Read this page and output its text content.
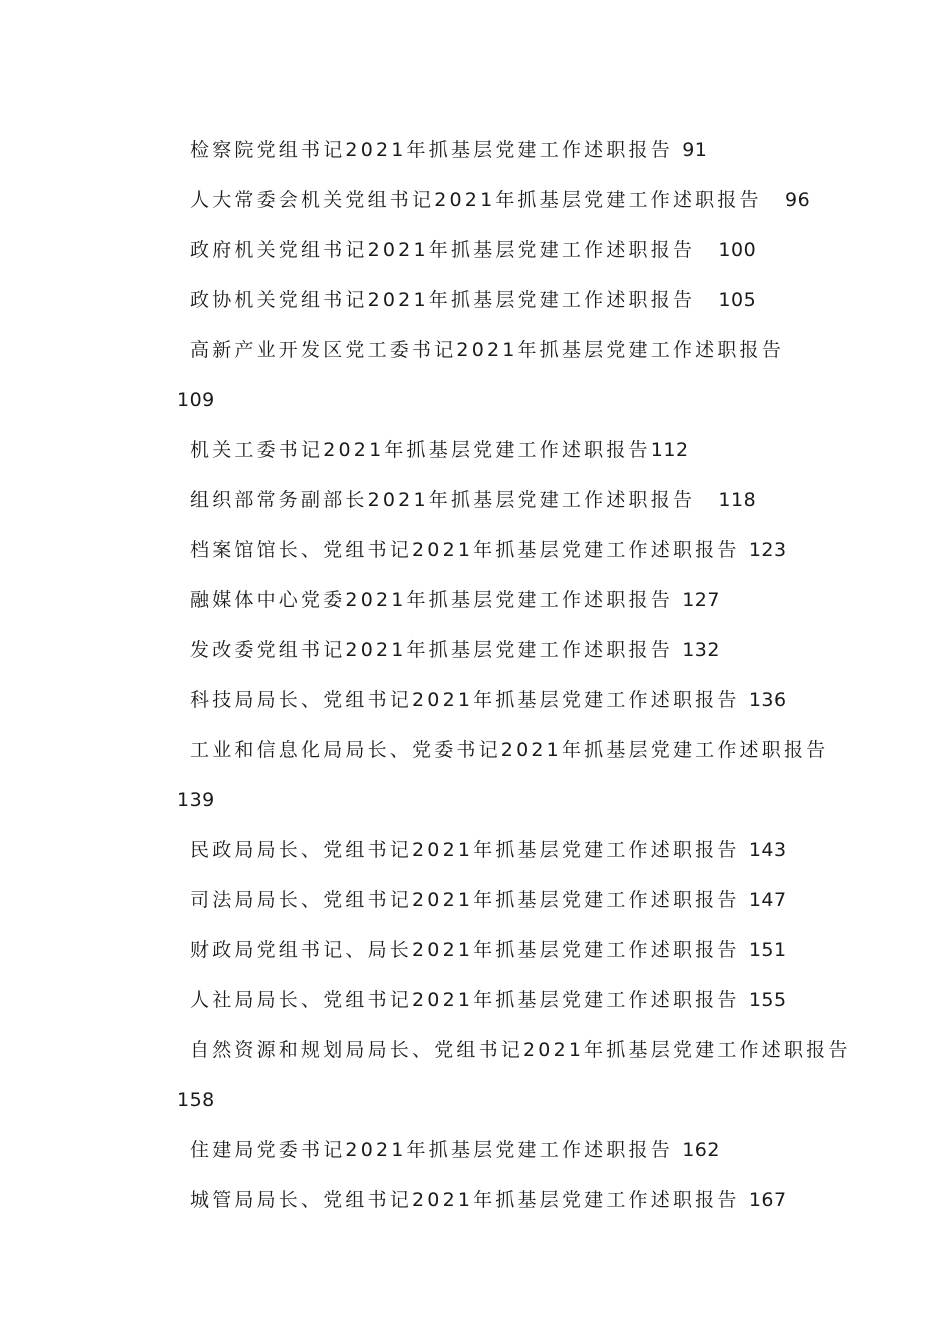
检察院党组书记2021年抓基层党建工作述职报告 91
人大常委会机关党组书记2021年抓基层党建工作述职报告 96
政府机关党组书记2021年抓基层党建工作述职报告 100
政协机关党组书记2021年抓基层党建工作述职报告 105
高新产业开发区党工委书记2021年抓基层党建工作述职报告
109
机关工委书记2021年抓基层党建工作述职报告112
组织部常务副部长2021年抓基层党建工作述职报告 118
档案馆馆长、党组书记2021年抓基层党建工作述职报告 123
融媒体中心党委2021年抓基层党建工作述职报告 127
发改委党组书记2021年抓基层党建工作述职报告 132
科技局局长、党组书记2021年抓基层党建工作述职报告 136
工业和信息化局局长、党委书记2021年抓基层党建工作述职报告
139
民政局局长、党组书记2021年抓基层党建工作述职报告 143
司法局局长、党组书记2021年抓基层党建工作述职报告 147
财政局党组书记、局长2021年抓基层党建工作述职报告 151
人社局局长、党组书记2021年抓基层党建工作述职报告 155
自然资源和规划局局长、党组书记2021年抓基层党建工作述职报告
158
住建局党委书记2021年抓基层党建工作述职报告 162
城管局局长、党组书记2021年抓基层党建工作述职报告 167
